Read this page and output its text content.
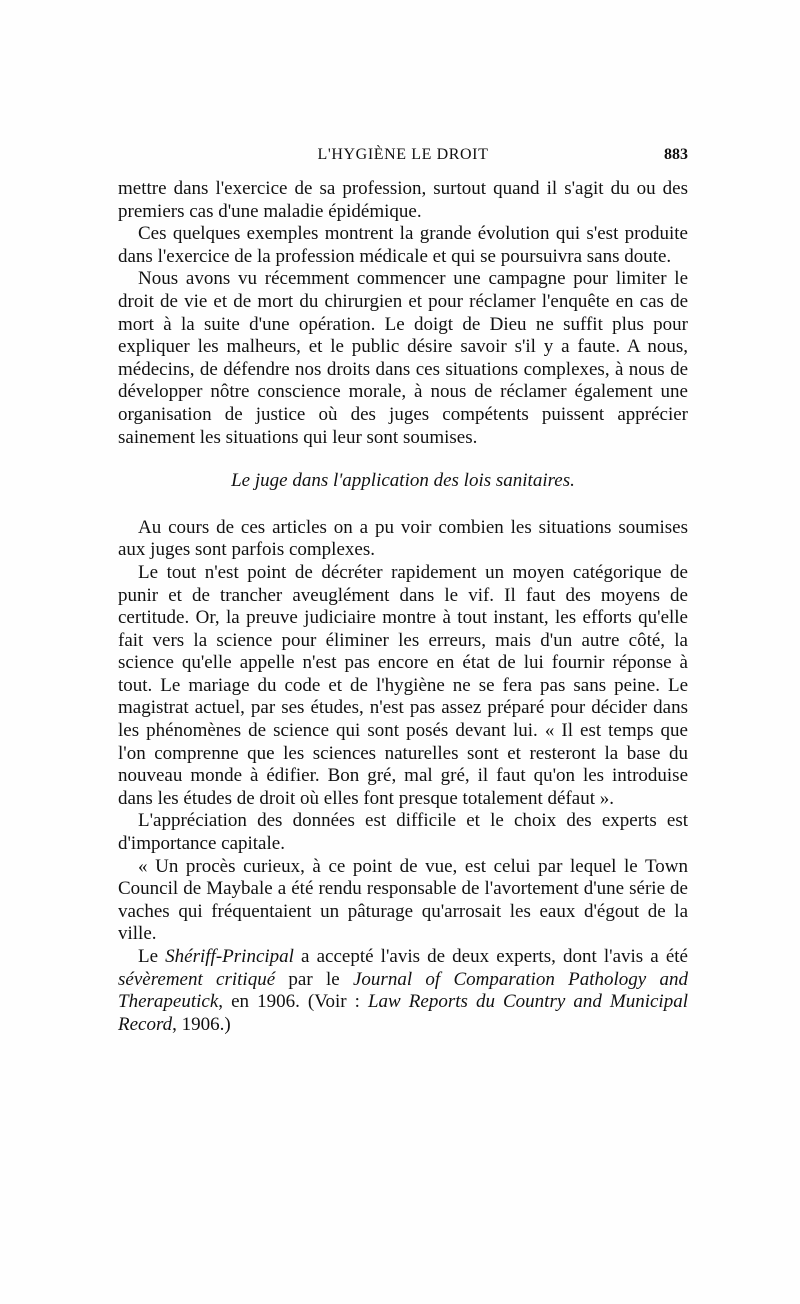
L'HYGIÈNE LE DROIT	883

mettre dans l'exercice de sa profession, surtout quand il s'agit du ou des premiers cas d'une maladie épidémique.

Ces quelques exemples montrent la grande évolution qui s'est produite dans l'exercice de la profession médicale et qui se poursuivra sans doute.

Nous avons vu récemment commencer une campagne pour limiter le droit de vie et de mort du chirurgien et pour réclamer l'enquête en cas de mort à la suite d'une opération. Le doigt de Dieu ne suffit plus pour expliquer les malheurs, et le public désire savoir s'il y a faute. A nous, médecins, de défendre nos droits dans ces situations complexes, à nous de développer nôtre conscience morale, à nous de réclamer également une organisation de justice où des juges compétents puissent apprécier sainement les situations qui leur sont soumises.

Le juge dans l'application des lois sanitaires.

Au cours de ces articles on a pu voir combien les situations soumises aux juges sont parfois complexes.

Le tout n'est point de décréter rapidement un moyen catégorique de punir et de trancher aveuglément dans le vif. Il faut des moyens de certitude. Or, la preuve judiciaire montre à tout instant, les efforts qu'elle fait vers la science pour éliminer les erreurs, mais d'un autre côté, la science qu'elle appelle n'est pas encore en état de lui fournir réponse à tout. Le mariage du code et de l'hygiène ne se fera pas sans peine. Le magistrat actuel, par ses études, n'est pas assez préparé pour décider dans les phénomènes de science qui sont posés devant lui. « Il est temps que l'on comprenne que les sciences naturelles sont et resteront la base du nouveau monde à édifier. Bon gré, mal gré, il faut qu'on les introduise dans les études de droit où elles font presque totalement défaut ».

L'appréciation des données est difficile et le choix des experts est d'importance capitale.

« Un procès curieux, à ce point de vue, est celui par lequel le Town Council de Maybale a été rendu responsable de l'avortement d'une série de vaches qui fréquentaient un pâturage qu'arrosait les eaux d'égout de la ville.

Le Shériff-Principal a accepté l'avis de deux experts, dont l'avis a été sévèrement critiqué par le Journal of Comparation Pathology and Therapeutick, en 1906. (Voir : Law Reports du Country and Municipal Record, 1906.)
